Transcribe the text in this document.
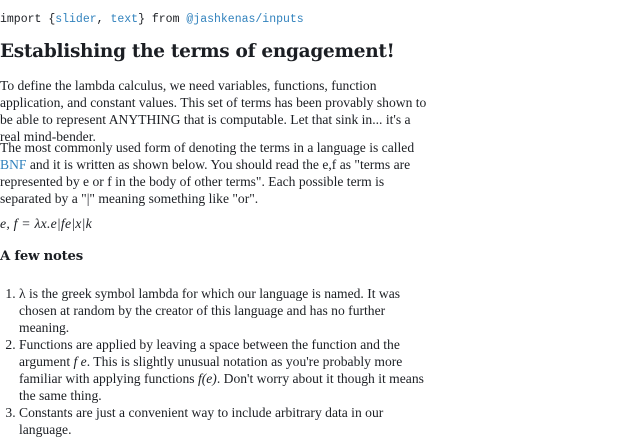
import {slider, text} from @jashkenas/inputs
Establishing the terms of engagement!

To define the lambda calculus, we need variables, functions, function application, and constant values. This set of terms has been provably shown to be able to represent ANYTHING that is computable. Let that sink in... it's a real mind-bender.

The most commonly used form of denoting the terms in a language is called BNF and it is written as shown below. You should read the e,f as "terms are represented by e or f in the body of other terms". Each possible term is separated by a "|" meaning something like "or".

e, f = λx.e|fe|x|k
A few notes
1. λ is the greek symbol lambda for which our language is named. It was chosen at random by the creator of this language and has no further meaning.
2. Functions are applied by leaving a space between the function and the argument f e. This is slightly unusual notation as you're probably more familiar with applying functions f(e). Don't worry about it though it means the same thing.
3. Constants are just a convenient way to include arbitrary data in our language.
